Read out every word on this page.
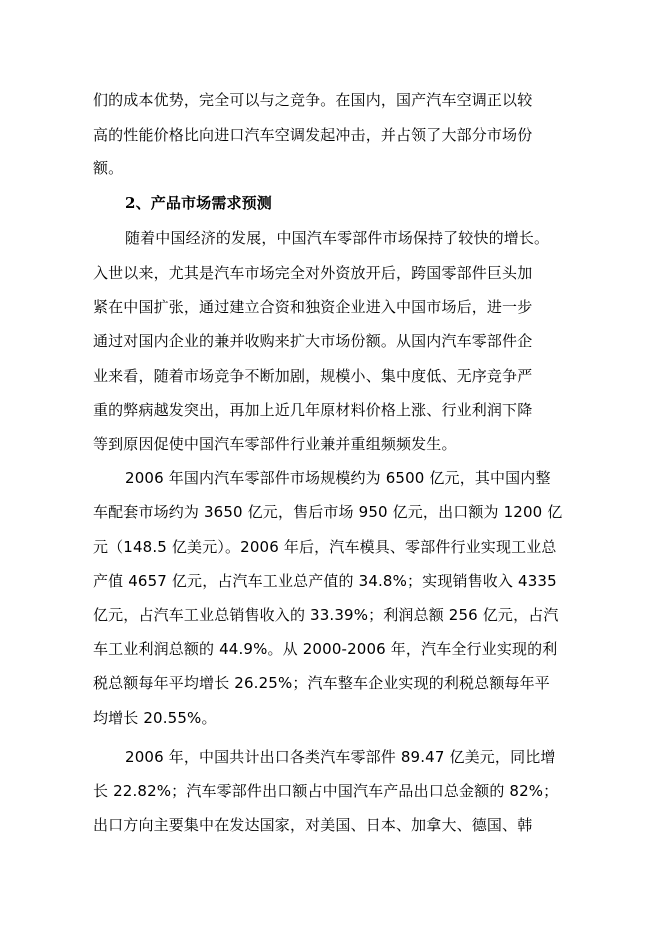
们的成本优势，完全可以与之竞争。在国内，国产汽车空调正以较
高的性能价格比向进口汽车空调发起冲击，并占领了大部分市场份
额。
2、产品市场需求预测
随着中国经济的发展，中国汽车零部件市场保持了较快的增长。
入世以来，尤其是汽车市场完全对外资放开后，跨国零部件巨头加
紧在中国扩张，通过建立合资和独资企业进入中国市场后，进一步
通过对国内企业的兼并收购来扩大市场份额。从国内汽车零部件企
业来看，随着市场竞争不断加剧，规模小、集中度低、无序竞争严
重的弊病越发突出，再加上近几年原材料价格上涨、行业利润下降
等到原因促使中国汽车零部件行业兼并重组频频发生。
2006 年国内汽车零部件市场规模约为 6500 亿元，其中国内整
车配套市场约为 3650 亿元，售后市场 950 亿元，出口额为 1200 亿
元（148.5 亿美元）。2006 年后，汽车模具、零部件行业实现工业总
产值 4657 亿元，占汽车工业总产值的 34.8%；实现销售收入 4335
亿元，占汽车工业总销售收入的 33.39%；利润总额 256 亿元，占汽
车工业利润总额的 44.9%。从 2000-2006 年，汽车全行业实现的利
税总额每年平均增长 26.25%；汽车整车企业实现的利税总额每年平
均增长 20.55%。
2006 年，中国共计出口各类汽车零部件 89.47 亿美元，同比增
长 22.82%；汽车零部件出口额占中国汽车产品出口总金额的 82%；
出口方向主要集中在发达国家，对美国、日本、加拿大、德国、韩
